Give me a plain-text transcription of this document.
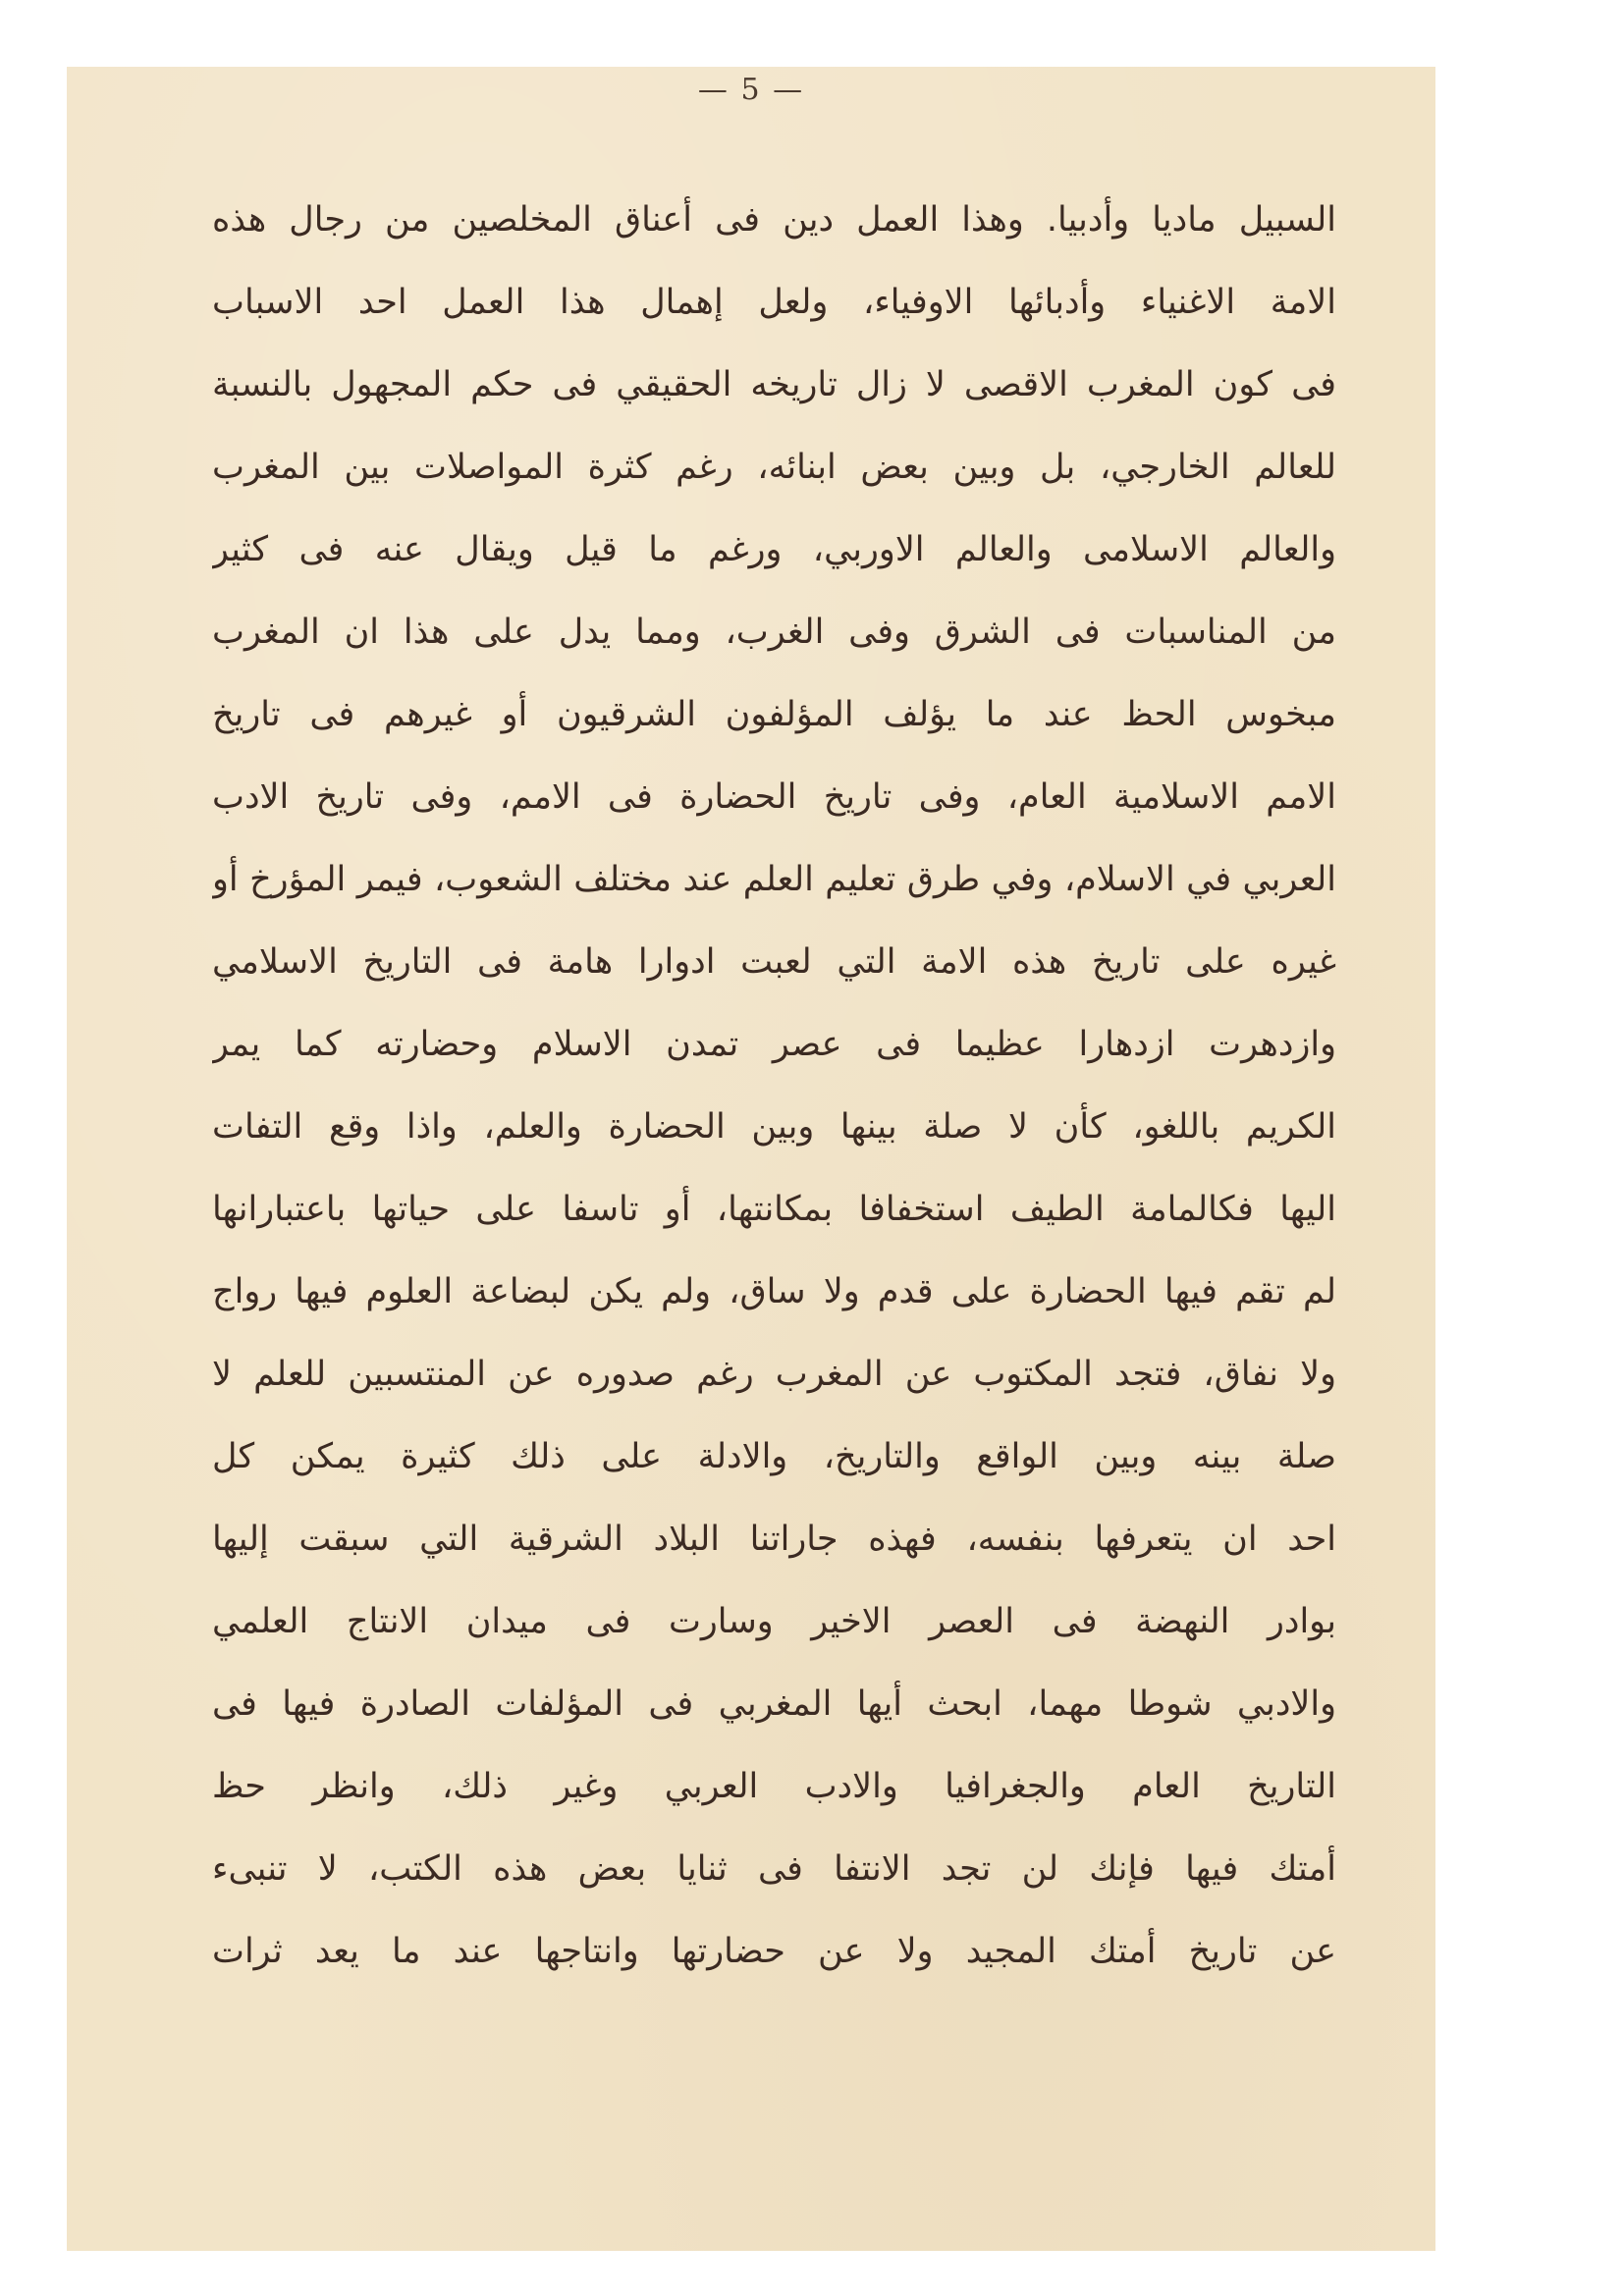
— 5 —
السبيل ماديا وأدبيا. وهذا العمل دين فى أعناق المخلصين من رجال هذه
الامة الاغنياء وأدبائها الاوفياء، ولعل إهمال هذا العمل احد الاسباب
فى كون المغرب الاقصى لا زال تاريخه الحقيقي فى حكم المجهول بالنسبة
للعالم الخارجي، بل وبين بعض ابنائه، رغم كثرة المواصلات بين المغرب
والعالم الاسلامى والعالم الاوربي، ورغم ما قيل ويقال عنه فى كثير
من المناسبات فى الشرق وفى الغرب، ومما يدل على هذا ان المغرب
مبخوس الحظ عند ما يؤلف المؤلفون الشرقيون أو غيرهم فى تاريخ
الامم الاسلامية العام، وفى تاريخ الحضارة فى الامم، وفى تاريخ الادب
العربي في الاسلام، وفي طرق تعليم العلم عند مختلف الشعوب، فيمر المؤرخ أو
غيره على تاريخ هذه الامة التي لعبت ادوارا هامة فى التاريخ الاسلامي
وازدهرت ازدهارا عظيما فى عصر تمدن الاسلام وحضارته كما يمر
الكريم باللغو، كأن لا صلة بينها وبين الحضارة والعلم، واذا وقع التفات
اليها فكالمامة الطيف استخفافا بمكانتها، أو تاسفا على حياتها باعتبارانها
لم تقم فيها الحضارة على قدم ولا ساق، ولم يكن لبضاعة العلوم فيها رواج
ولا نفاق، فتجد المكتوب عن المغرب رغم صدوره عن المنتسبين للعلم لا
صلة بينه وبين الواقع والتاريخ، والادلة على ذلك كثيرة يمكن كل
احد ان يتعرفها بنفسه، فهذه جاراتنا البلاد الشرقية التي سبقت إليها
بوادر النهضة فى العصر الاخير وسارت فى ميدان الانتاج العلمي
والادبي شوطا مهما، ابحث أيها المغربي فى المؤلفات الصادرة فيها فى
التاريخ العام والجغرافيا والادب العربي وغير ذلك، وانظر حظ
أمتك فيها فإنك لن تجد الانتفا فى ثنايا بعض هذه الكتب، لا تنبىء
عن تاريخ أمتك المجيد ولا عن حضارتها وانتاجها عند ما يعد ثرات
